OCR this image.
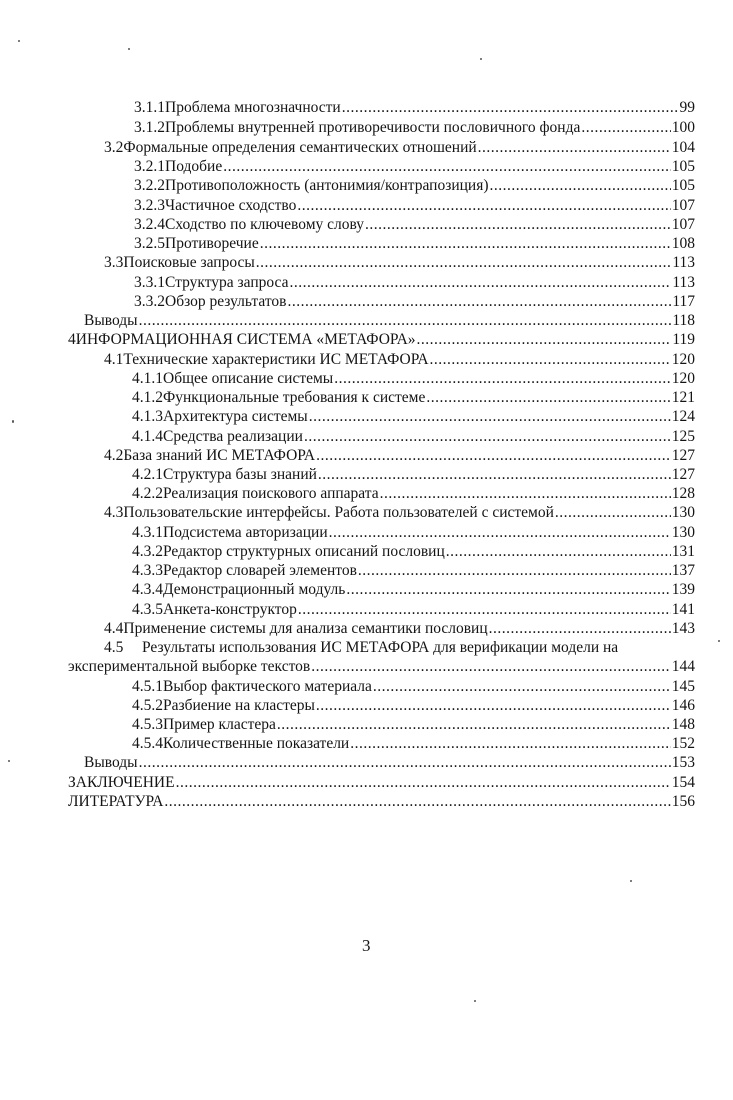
3.1.1 Проблема многозначности .....	99
3.1.2 Проблемы внутренней противоречивости пословичного фонда .....	100
3.2 Формальные определения семантических отношений .....	104
3.2.1 Подобие .....	105
3.2.2 Противоположность (антонимия/контрапозиция) .....	105
3.2.3 Частичное сходство .....	107
3.2.4 Сходство по ключевому слову .....	107
3.2.5 Противоречие .....	108
3.3 Поисковые запросы .....	113
3.3.1 Структура запроса .....	113
3.3.2 Обзор результатов .....	117
Выводы .....	118
4 ИНФОРМАЦИОННАЯ СИСТЕМА «МЕТАФОРА» .....	119
4.1 Технические характеристики ИС МЕТАФОРА .....	120
4.1.1 Общее описание системы .....	120
4.1.2 Функциональные требования к системе .....	121
4.1.3 Архитектура системы .....	124
4.1.4 Средства реализации .....	125
4.2 База знаний ИС МЕТАФОРА .....	127
4.2.1 Структура базы знаний .....	127
4.2.2 Реализация поискового аппарата .....	128
4.3 Пользовательские интерфейсы. Работа пользователей с системой .....	130
4.3.1 Подсистема авторизации .....	130
4.3.2 Редактор структурных описаний пословиц .....	131
4.3.3 Редактор словарей элементов .....	137
4.3.4 Демонстрационный модуль .....	139
4.3.5 Анкета-конструктор .....	141
4.4 Применение системы для анализа семантики пословиц .....	143
4.5 Результаты использования ИС МЕТАФОРА для верификации модели на
экспериментальной выборке текстов .....	144
4.5.1 Выбор фактического материала .....	145
4.5.2 Разбиение на кластеры .....	146
4.5.3 Пример кластера .....	148
4.5.4 Количественные показатели .....	152
Выводы .....	153
ЗАКЛЮЧЕНИЕ .....	154
ЛИТЕРАТУРА .....	156
3
